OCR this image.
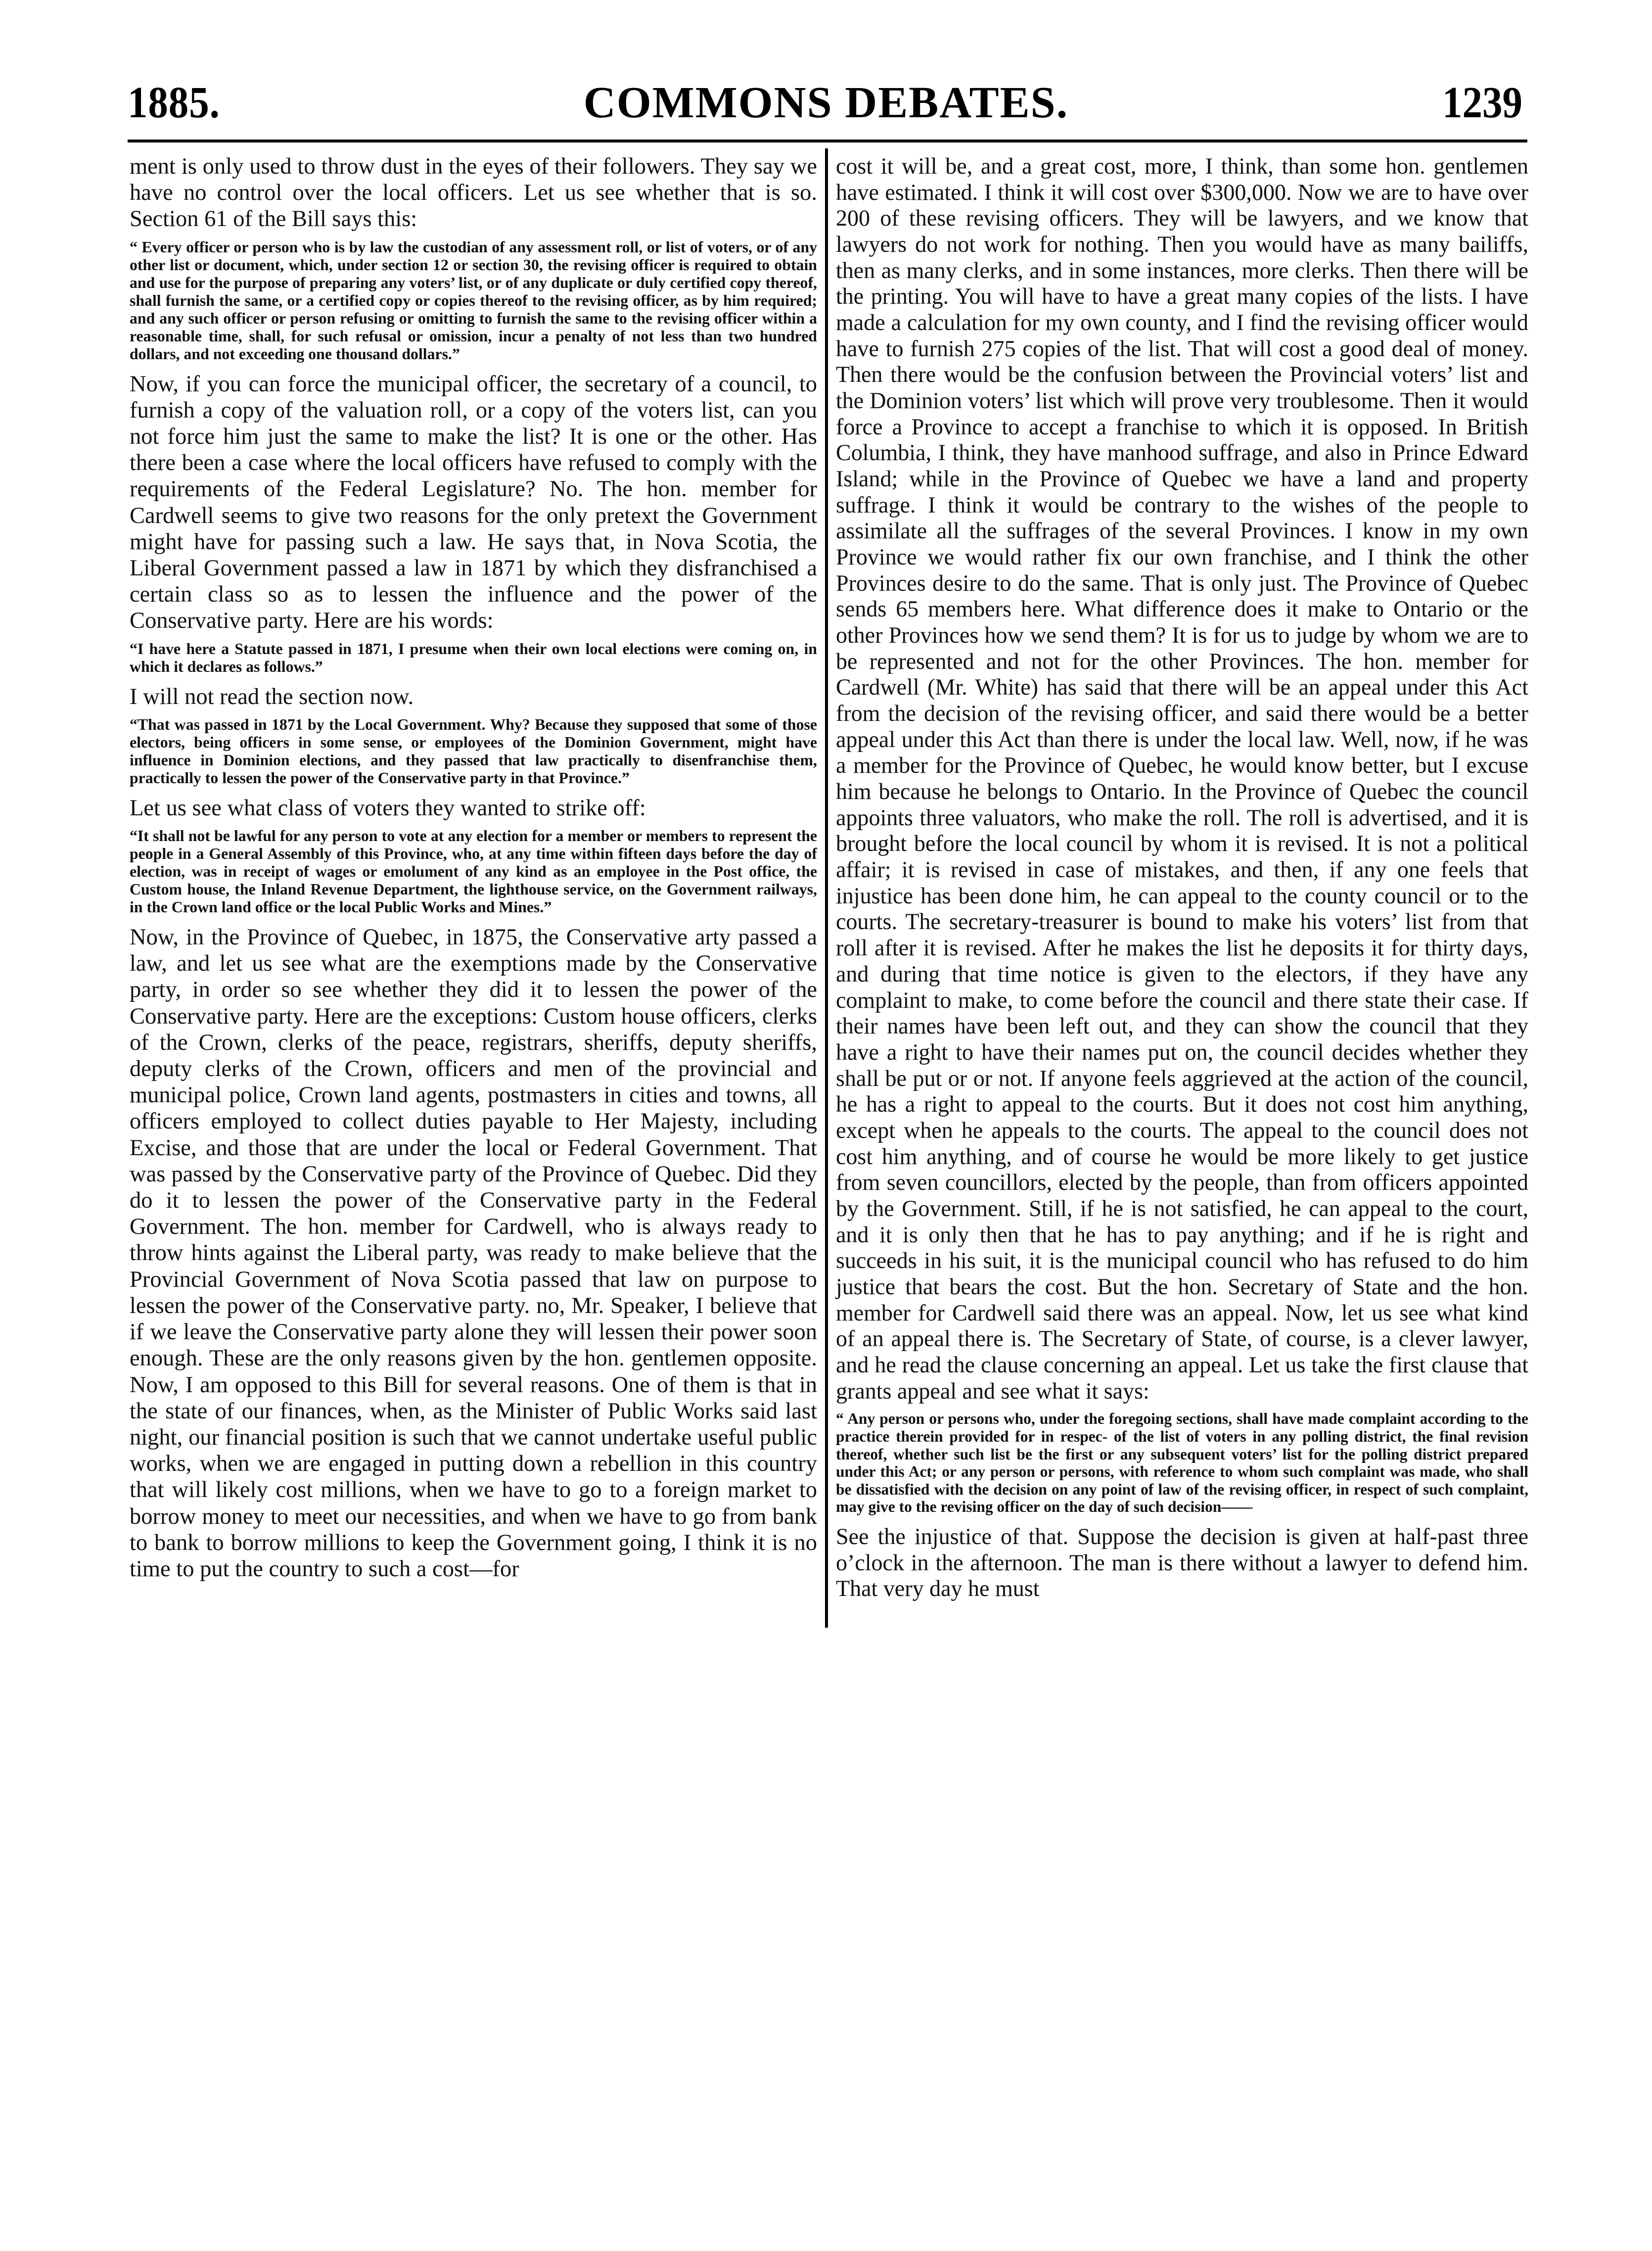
1885.	COMMONS DEBATES.	1239

ment is only used to throw dust in the eyes of their followers. They say we have no control over the local officers. Let us see whether that is so. Section 61 of the Bill says this:

“ Every officer or person who is by law the custodian of any assessment roll, or list of voters, or of any other list or document, which, under section 12 or section 30, the revising officer is required to obtain and use for the purpose of preparing any voters’ list, or of any duplicate or duly certified copy thereof, shall furnish the same, or a certified copy or copies thereof to the revising officer, as by him required; and any such officer or person refusing or omitting to furnish the same to the revising officer within a reasonable time, shall, for such refusal or omission, incur a penalty of not less than two hundred dollars, and not exceeding one thousand dollars.”

Now, if you can force the municipal officer, the secretary of a council, to furnish a copy of the valuation roll, or a copy of the voters list, can you not force him just the same to make the list? It is one or the other. Has there been a case where the local officers have refused to comply with the requirements of the Federal Legislature? No. The hon. member for Cardwell seems to give two reasons for the only pretext the Government might have for passing such a law. He says that, in Nova Scotia, the Liberal Government passed a law in 1871 by which they disfranchised a certain class so as to lessen the influence and the power of the Conservative party. Here are his words:

“I have here a Statute passed in 1871, I presume when their own local elections were coming on, in which it declares as follows.”

I will not read the section now.

“That was passed in 1871 by the Local Government. Why? Because they supposed that some of those electors, being officers in some sense, or employees of the Dominion Government, might have influence in Dominion elections, and they passed that law practically to disenfranchise them, practically to lessen the power of the Conservative party in that Province.”

Let us see what class of voters they wanted to strike off:

“It shall not be lawful for any person to vote at any election for a member or members to represent the people in a General Assembly of this Province, who, at any time within fifteen days before the day of election, was in receipt of wages or emolument of any kind as an employee in the Post office, the Custom house, the Inland Revenue Department, the lighthouse service, on the Government railways, in the Crown land office or the local Public Works and Mines.”

Now, in the Province of Quebec, in 1875, the Conservative arty passed a law, and let us see what are the exemptions made by the Conservative party, in order so see whether they did it to lessen the power of the Conservative party. Here are the exceptions: Custom house officers, clerks of the Crown, clerks of the peace, registrars, sheriffs, deputy sheriffs, deputy clerks of the Crown, officers and men of the provincial and municipal police, Crown land agents, postmasters in cities and towns, all officers employed to collect duties payable to Her Majesty, including Excise, and those that are under the local or Federal Government. That was passed by the Conservative party of the Province of Quebec. Did they do it to lessen the power of the Conservative party in the Federal Government. The hon. member for Cardwell, who is always ready to throw hints against the Liberal party, was ready to make believe that the Provincial Government of Nova Scotia passed that law on purpose to lessen the power of the Conservative party. no, Mr. Speaker, I believe that if we leave the Conservative party alone they will lessen their power soon enough. These are the only reasons given by the hon. gentlemen opposite. Now, I am opposed to this Bill for several reasons. One of them is that in the state of our finances, when, as the Minister of Public Works said last night, our financial position is such that we cannot undertake useful public works, when we are engaged in putting down a rebellion in this country that will likely cost millions, when we have to go to a foreign market to borrow money to meet our necessities, and when we have to go from bank to bank to borrow millions to keep the Government going, I think it is no time to put the country to such a cost—for

cost it will be, and a great cost, more, I think, than some hon. gentlemen have estimated. I think it will cost over $300,000. Now we are to have over 200 of these revising officers. They will be lawyers, and we know that lawyers do not work for nothing. Then you would have as many bailiffs, then as many clerks, and in some instances, more clerks. Then there will be the printing. You will have to have a great many copies of the lists. I have made a calculation for my own county, and I find the revising officer would have to furnish 275 copies of the list. That will cost a good deal of money. Then there would be the confusion between the Provincial voters’ list and the Dominion voters’ list which will prove very troublesome. Then it would force a Province to accept a franchise to which it is opposed. In British Columbia, I think, they have manhood suffrage, and also in Prince Edward Island; while in the Province of Quebec we have a land and property suffrage. I think it would be contrary to the wishes of the people to assimilate all the suffrages of the several Provinces. I know in my own Province we would rather fix our own franchise, and I think the other Provinces desire to do the same. That is only just. The Province of Quebec sends 65 members here. What difference does it make to Ontario or the other Provinces how we send them? It is for us to judge by whom we are to be represented and not for the other Provinces. The hon. member for Cardwell (Mr. White) has said that there will be an appeal under this Act from the decision of the revising officer, and said there would be a better appeal under this Act than there is under the local law. Well, now, if he was a member for the Province of Quebec, he would know better, but I excuse him because he belongs to Ontario. In the Province of Quebec the council appoints three valuators, who make the roll. The roll is advertised, and it is brought before the local council by whom it is revised. It is not a political affair; it is revised in case of mistakes, and then, if any one feels that injustice has been done him, he can appeal to the county council or to the courts. The secretary-treasurer is bound to make his voters’ list from that roll after it is revised. After he makes the list he deposits it for thirty days, and during that time notice is given to the electors, if they have any complaint to make, to come before the council and there state their case. If their names have been left out, and they can show the council that they have a right to have their names put on, the council decides whether they shall be put or or not. If anyone feels aggrieved at the action of the council, he has a right to appeal to the courts. But it does not cost him anything, except when he appeals to the courts. The appeal to the council does not cost him anything, and of course he would be more likely to get justice from seven councillors, elected by the people, than from officers appointed by the Government. Still, if he is not satisfied, he can appeal to the court, and it is only then that he has to pay anything; and if he is right and succeeds in his suit, it is the municipal council who has refused to do him justice that bears the cost. But the hon. Secretary of State and the hon. member for Cardwell said there was an appeal. Now, let us see what kind of an appeal there is. The Secretary of State, of course, is a clever lawyer, and he read the clause concerning an appeal. Let us take the first clause that grants appeal and see what it says:

“ Any person or persons who, under the foregoing sections, shall have made complaint according to the practice therein provided for in respec- of the list of voters in any polling district, the final revision thereof, whether such list be the first or any subsequent voters’ list for the polling district prepared under this Act; or any person or persons, with reference to whom such complaint was made, who shall be dissatisfied with the decision on any point of law of the revising officer, in respect of such complaint, may give to the revising officer on the day of such decision——

See the injustice of that. Suppose the decision is given at half-past three o’clock in the afternoon. The man is there without a lawyer to defend him. That very day he must
